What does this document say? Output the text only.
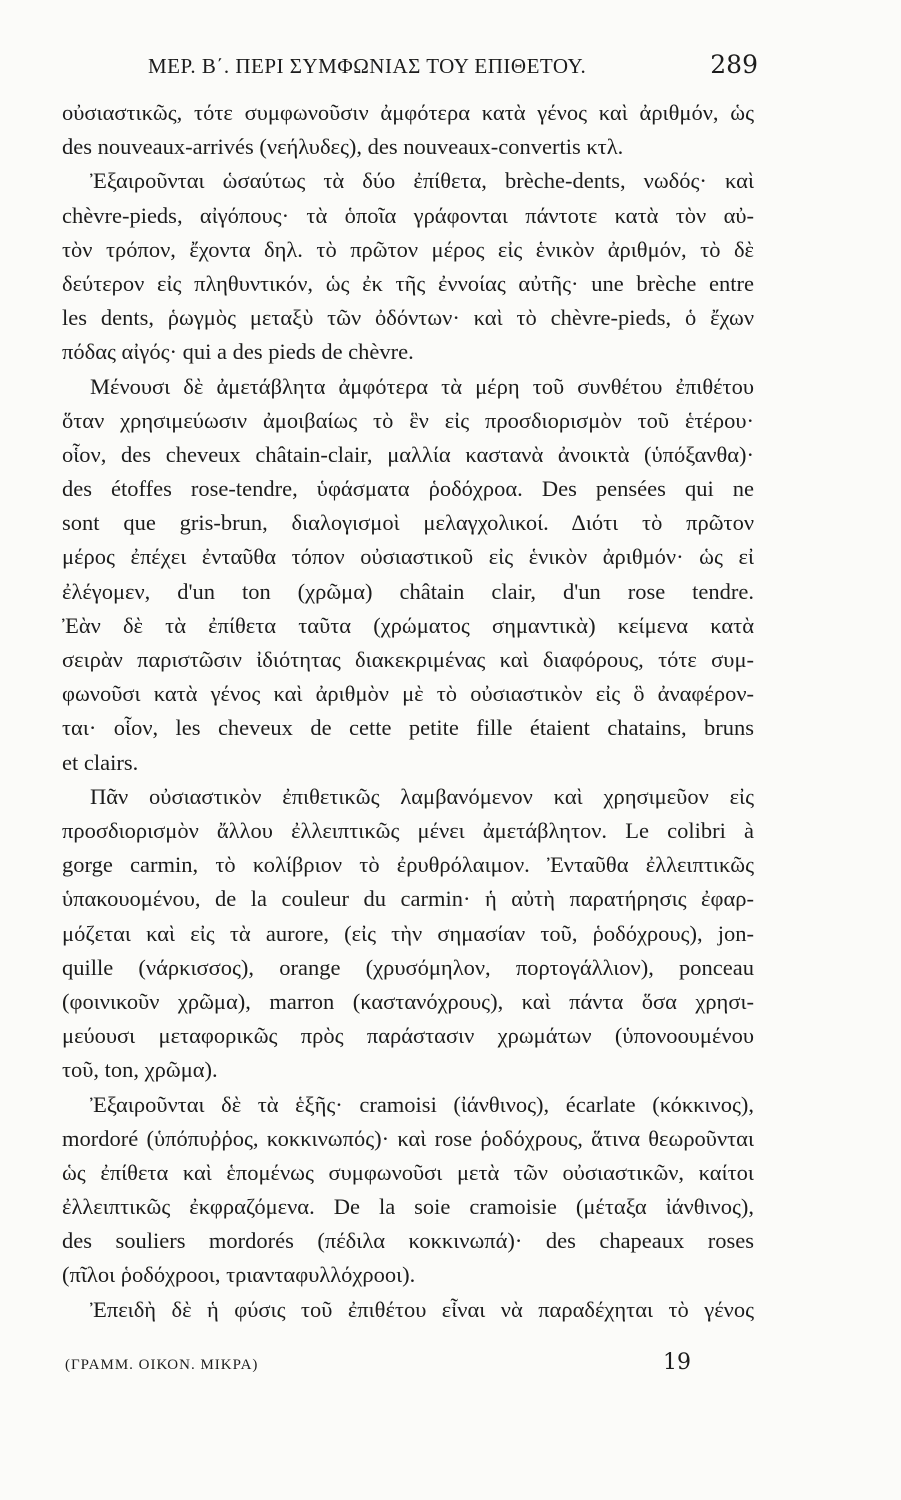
ΜΕΡ. Β΄. ΠΕΡΙ ΣΥΜΦΩΝΙΑΣ ΤΟΥ ΕΠΙΘΕΤΟΥ.	289
οὐσιαστικῶς, τότε συμφωνοῦσιν ἀμφότερα κατὰ γένος καὶ ἀριθμόν, ὡς
des nouveaux-arrivés (νεήλυδες), des nouveaux-convertis κτλ.
Ἐξαιροῦνται ὡσαύτως τὰ δύο ἐπίθετα, brèche-dents, νωδός· καὶ
chèvre-pieds, αἰγόπους· τὰ ὁποῖα γράφονται πάντοτε κατὰ τὸν αὐ-
τὸν τρόπον, ἔχοντα δηλ. τὸ πρῶτον μέρος εἰς ἑνικὸν ἀριθμόν, τὸ δὲ
δεύτερον εἰς πληθυντικόν, ὡς ἐκ τῆς ἐννοίας αὐτῆς· une brèche entre
les dents, ῥωγμὸς μεταξὺ τῶν ὀδόντων· καὶ τὸ chèvre-pieds, ὁ ἔχων
πόδας αἰγός· qui a des pieds de chèvre.
Μένουσι δὲ ἀμετάβλητα ἀμφότερα τὰ μέρη τοῦ συνθέτου ἐπιθέτου
ὅταν χρησιμεύωσιν ἀμοιβαίως τὸ ἓν εἰς προσδιορισμὸν τοῦ ἑτέρου·
οἷον, des cheveux châtain-clair, μαλλία καστανὰ ἀνοικτὰ (ὑπόξανθα)·
des étoffes rose-tendre, ὑφάσματα ῥοδόχροα. Des pensées qui ne
sont que gris-brun, διαλογισμοὶ μελαγχολικοί. Διότι τὸ πρῶτον
μέρος ἐπέχει ἐνταῦθα τόπον οὐσιαστικοῦ εἰς ἑνικὸν ἀριθμόν· ὡς εἰ
ἐλέγομεν, d'un ton (χρῶμα) châtain clair, d'un rose tendre.
Ἐὰν δὲ τὰ ἐπίθετα ταῦτα (χρώματος σημαντικὰ) κείμενα κατὰ
σειρὰν παριστῶσιν ἰδιότητας διακεκριμένας καὶ διαφόρους, τότε συμ-
φωνοῦσι κατὰ γένος καὶ ἀριθμὸν μὲ τὸ οὐσιαστικὸν εἰς ὃ ἀναφέρον-
ται· οἷον, les cheveux de cette petite fille étaient chatains, bruns
et clairs.
Πᾶν οὐσιαστικὸν ἐπιθετικῶς λαμβανόμενον καὶ χρησιμεῦον εἰς
προσδιορισμὸν ἄλλου ἐλλειπτικῶς μένει ἀμετάβλητον. Le colibri à
gorge carmin, τὸ κολίβριον τὸ ἐρυθρόλαιμον. Ἐνταῦθα ἐλλειπτικῶς
ὑπακουομένου, de la couleur du carmin· ἡ αὐτὴ παρατήρησις ἐφαρ-
μόζεται καὶ εἰς τὰ aurore, (εἰς τὴν σημασίαν τοῦ, ῥοδόχρους), jon-
quille (νάρκισσος), orange (χρυσόμηλον, πορτογάλλιον), ponceau
(φοινικοῦν χρῶμα), marron (καστανόχρους), καὶ πάντα ὅσα χρησι-
μεύουσι μεταφορικῶς πρὸς παράστασιν χρωμάτων (ὑπονοουμένου
τοῦ, ton, χρῶμα).
Ἐξαιροῦνται δὲ τὰ ἑξῆς· cramoisi (ἰάνθινος), écarlate (κόκκινος),
mordoré (ὑπόπυῤῥος, κοκκινωπός)· καὶ rose ῥοδόχρους, ἅτινα θεωροῦνται
ὡς ἐπίθετα καὶ ἑπομένως συμφωνοῦσι μετὰ τῶν οὐσιαστικῶν, καίτοι
ἐλλειπτικῶς ἐκφραζόμενα. De la soie cramoisie (μέταξα ἰάνθινος),
des souliers mordorés (πέδιλα κοκκινωπά)· des chapeaux roses
(πῖλοι ῥοδόχροοι, τριανταφυλλόχροοι).
Ἐπειδὴ δὲ ἡ φύσις τοῦ ἐπιθέτου εἶναι νὰ παραδέχηται τὸ γένος
(ΓΡΑΜΜ. ΟΙΚΟΝ. ΜΙΚΡΑ)	19
